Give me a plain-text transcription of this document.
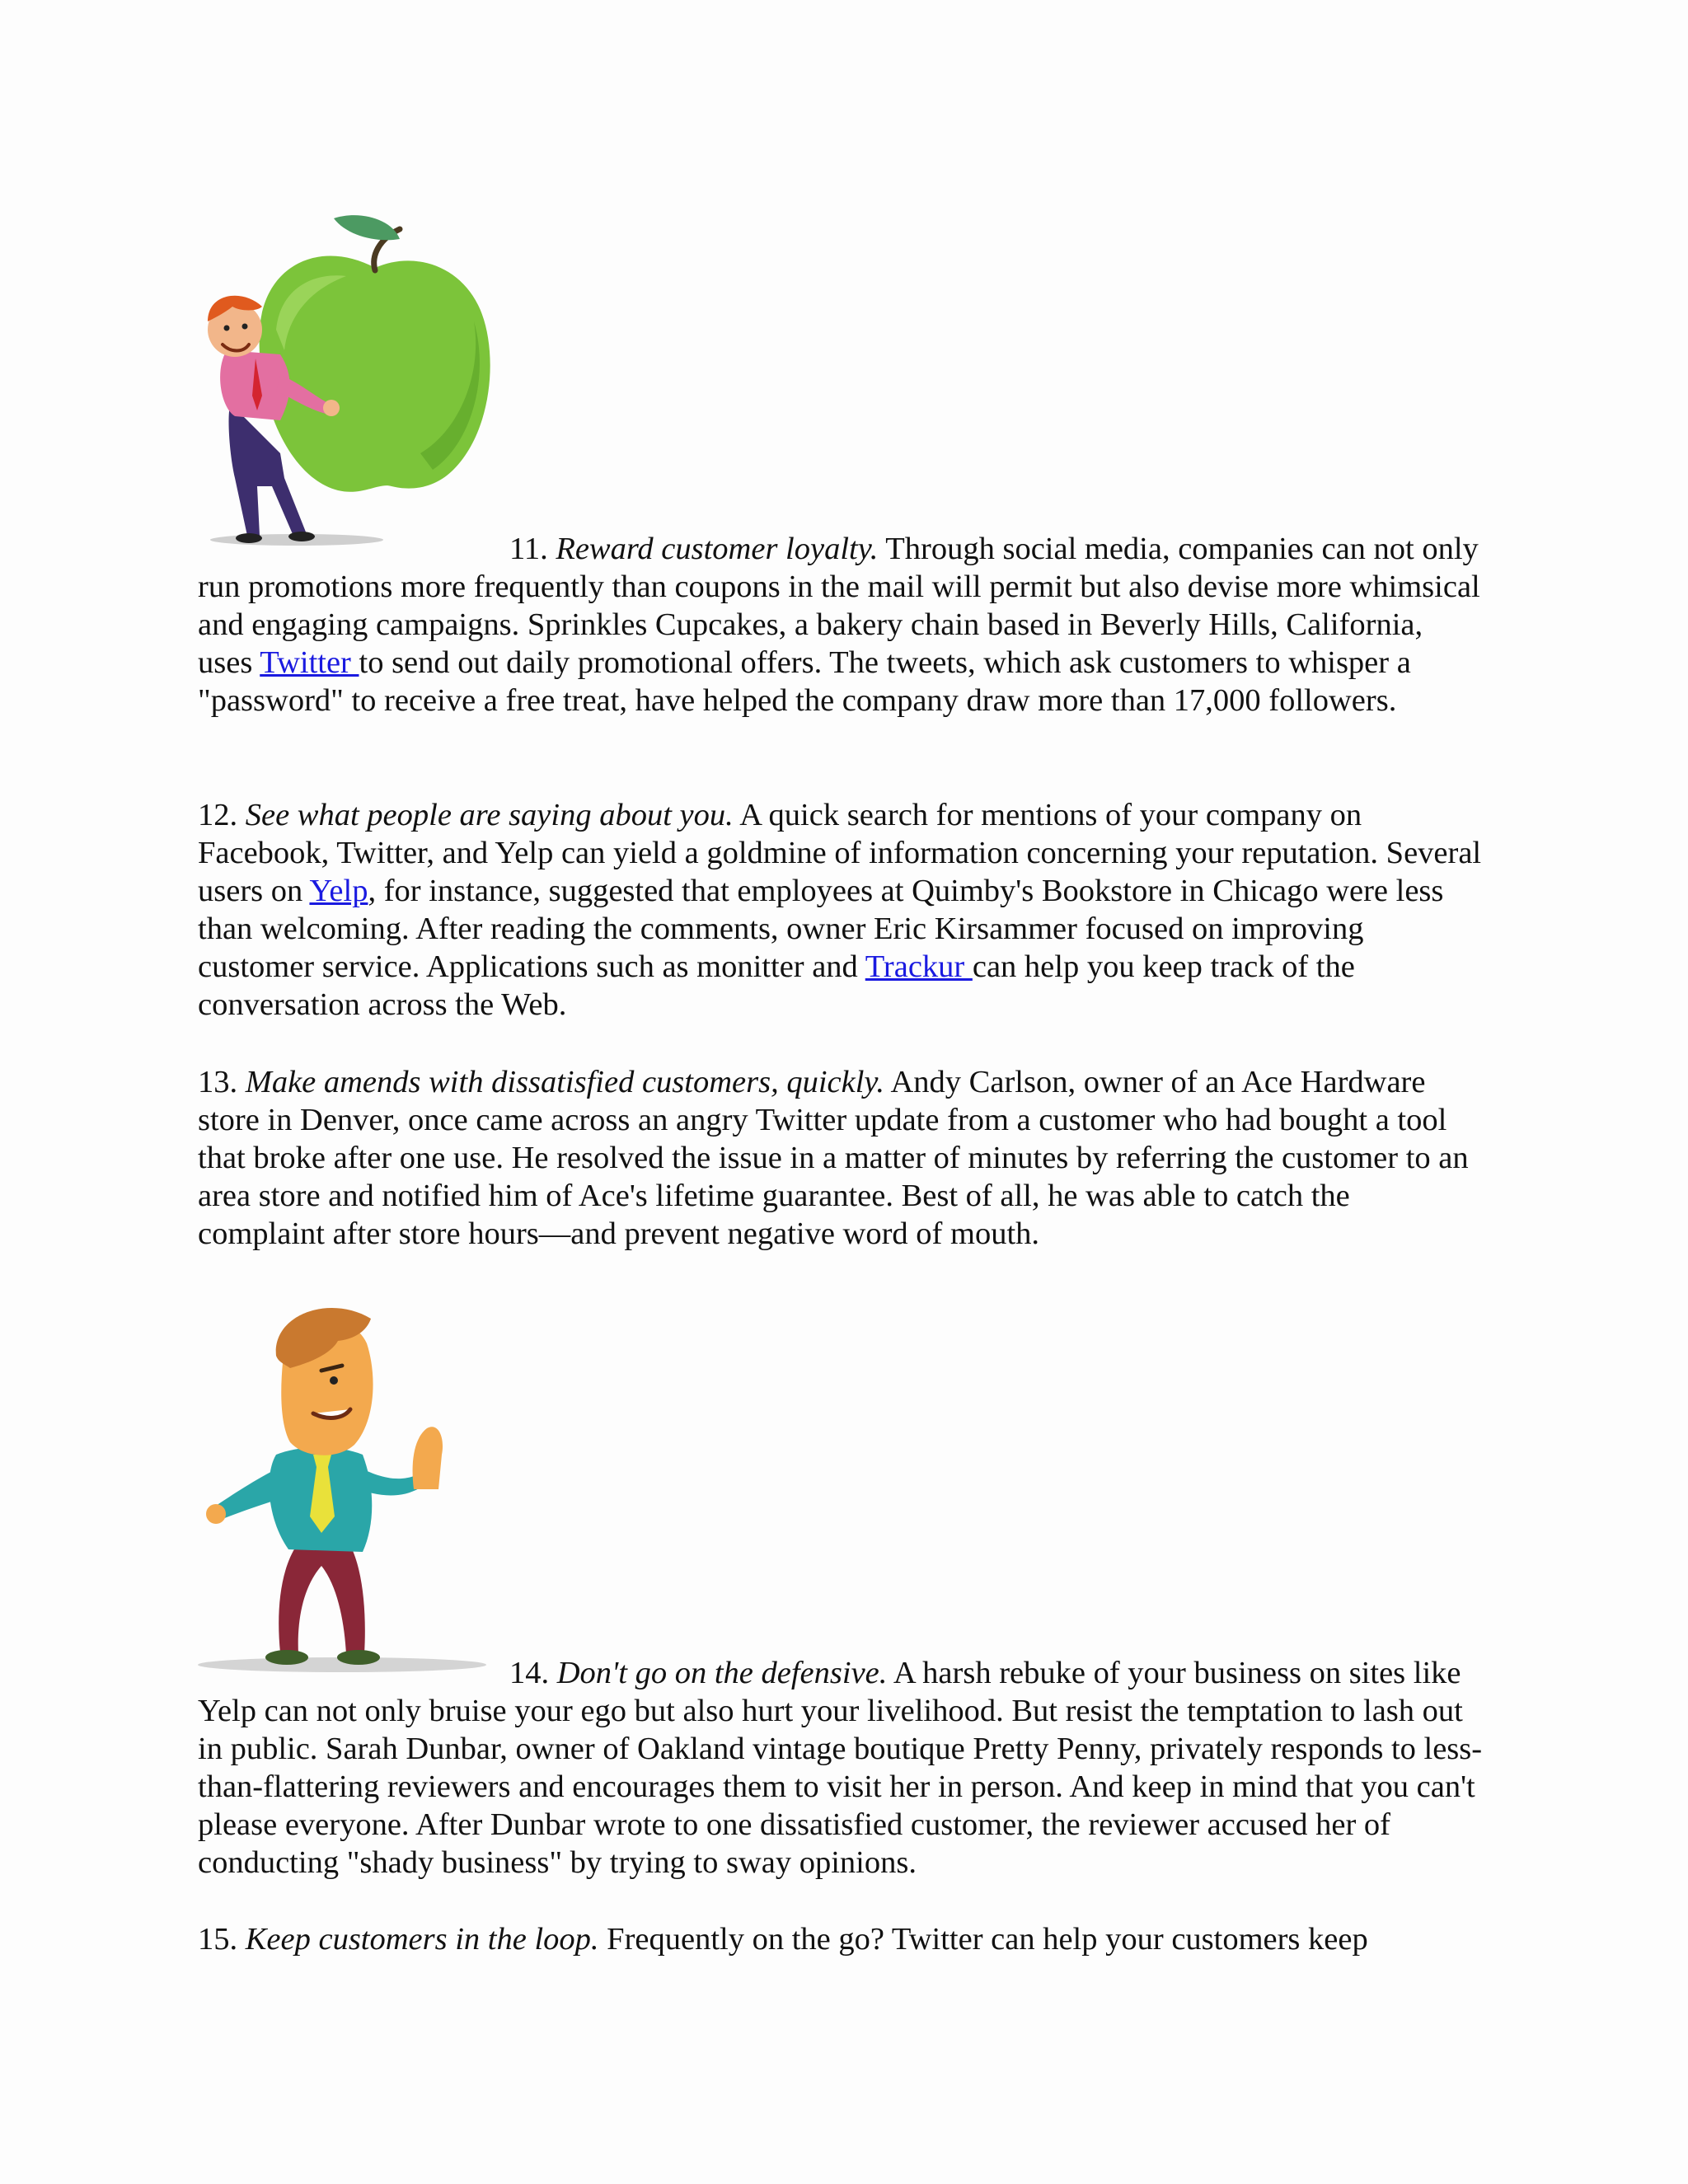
11. Reward customer loyalty. Through social media, companies can not only run promotions more frequently than coupons in the mail will permit but also devise more whimsical and engaging campaigns. Sprinkles Cupcakes, a bakery chain based in Beverly Hills, California, uses Twitter to send out daily promotional offers. The tweets, which ask customers to whisper a "password" to receive a free treat, have helped the company draw more than 17,000 followers.

12. See what people are saying about you. A quick search for mentions of your company on Facebook, Twitter, and Yelp can yield a goldmine of information concerning your reputation. Several users on Yelp, for instance, suggested that employees at Quimby's Bookstore in Chicago were less than welcoming. After reading the comments, owner Eric Kirsammer focused on improving customer service. Applications such as monitter and Trackur can help you keep track of the conversation across the Web.

13. Make amends with dissatisfied customers, quickly. Andy Carlson, owner of an Ace Hardware store in Denver, once came across an angry Twitter update from a customer who had bought a tool that broke after one use. He resolved the issue in a matter of minutes by referring the customer to an area store and notified him of Ace's lifetime guarantee. Best of all, he was able to catch the complaint after store hours—and prevent negative word of mouth.

14. Don't go on the defensive. A harsh rebuke of your business on sites like Yelp can not only bruise your ego but also hurt your livelihood. But resist the temptation to lash out in public. Sarah Dunbar, owner of Oakland vintage boutique Pretty Penny, privately responds to less-than-flattering reviewers and encourages them to visit her in person. And keep in mind that you can't please everyone. After Dunbar wrote to one dissatisfied customer, the reviewer accused her of conducting "shady business" by trying to sway opinions.

15. Keep customers in the loop. Frequently on the go? Twitter can help your customers keep
